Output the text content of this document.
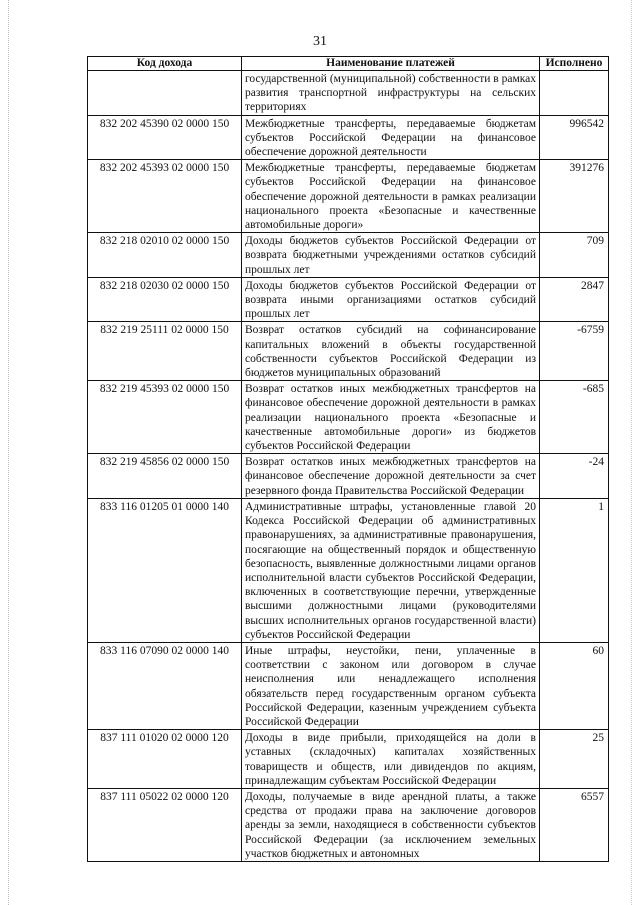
31
Код дохода	Наименование платежей	Исполнено
	государственной (муниципальной) собственности в рамках развития транспортной инфраструктуры на сельских территориях	
832 202 45390 02 0000 150	Межбюджетные трансферты, передаваемые бюджетам субъектов Российской Федерации на финансовое обеспечение дорожной деятельности	996542
832 202 45393 02 0000 150	Межбюджетные трансферты, передаваемые бюджетам субъектов Российской Федерации на финансовое обеспечение дорожной деятельности в рамках реализации национального проекта «Безопасные и качественные автомобильные дороги»	391276
832 218 02010 02 0000 150	Доходы бюджетов субъектов Российской Федерации от возврата бюджетными учреждениями остатков субсидий прошлых лет	709
832 218 02030 02 0000 150	Доходы бюджетов субъектов Российской Федерации от возврата иными организациями остатков субсидий прошлых лет	2847
832 219 25111 02 0000 150	Возврат остатков субсидий на софинансирование капитальных вложений в объекты государственной собственности субъектов Российской Федерации из бюджетов муниципальных образований	-6759
832 219 45393 02 0000 150	Возврат остатков иных межбюджетных трансфертов на финансовое обеспечение дорожной деятельности в рамках реализации национального проекта «Безопасные и качественные автомобильные дороги» из бюджетов субъектов Российской Федерации	-685
832 219 45856 02 0000 150	Возврат остатков иных межбюджетных трансфертов на финансовое обеспечение дорожной деятельности за счет резервного фонда Правительства Российской Федерации	-24
833 116 01205 01 0000 140	Административные штрафы, установленные главой 20 Кодекса Российской Федерации об административных правонарушениях, за административные правонарушения, посягающие на общественный порядок и общественную безопасность, выявленные должностными лицами органов исполнительной власти субъектов Российской Федерации, включенных в соответствующие перечни, утвержденные высшими должностными лицами (руководителями высших исполнительных органов государственной власти) субъектов Российской Федерации	1
833 116 07090 02 0000 140	Иные штрафы, неустойки, пени, уплаченные в соответствии с законом или договором в случае неисполнения или ненадлежащего исполнения обязательств перед государственным органом субъекта Российской Федерации, казенным учреждением субъекта Российской Федерации	60
837 111 01020 02 0000 120	Доходы в виде прибыли, приходящейся на доли в уставных (складочных) капиталах хозяйственных товариществ и обществ, или дивидендов по акциям, принадлежащим субъектам Российской Федерации	25
837 111 05022 02 0000 120	Доходы, получаемые в виде арендной платы, а также средства от продажи права на заключение договоров аренды за земли, находящиеся в собственности субъектов Российской Федерации (за исключением земельных участков бюджетных и автономных	6557
